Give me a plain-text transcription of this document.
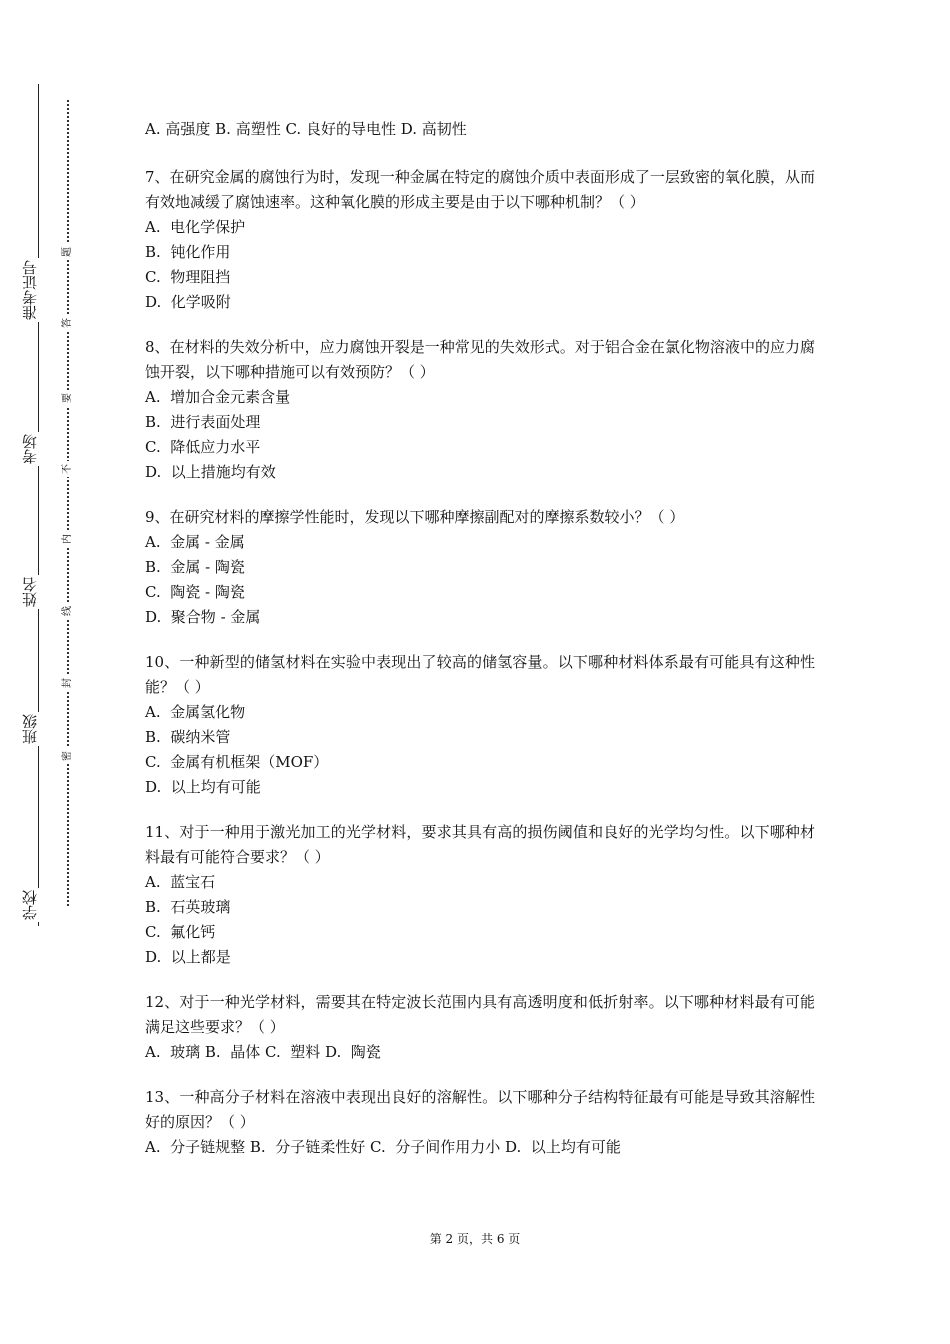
准考证号
考场
姓名
班级
学校
题
答
要
不
内
线
封
密
A. 高强度 B. 高塑性 C. 良好的导电性 D. 高韧性
7、在研究金属的腐蚀行为时，发现一种金属在特定的腐蚀介质中表面形成了一层致密的氧化膜，从而有效地减缓了腐蚀速率。这种氧化膜的形成主要是由于以下哪种机制？（ ）
A.  电化学保护
B.  钝化作用
C.  物理阻挡
D.  化学吸附
8、在材料的失效分析中，应力腐蚀开裂是一种常见的失效形式。对于铝合金在氯化物溶液中的应力腐蚀开裂，以下哪种措施可以有效预防？（ ）
A.  增加合金元素含量
B.  进行表面处理
C.  降低应力水平
D.  以上措施均有效
9、在研究材料的摩擦学性能时，发现以下哪种摩擦副配对的摩擦系数较小？（ ）
A.  金属 - 金属
B.  金属 - 陶瓷
C.  陶瓷 - 陶瓷
D.  聚合物 - 金属
10、一种新型的储氢材料在实验中表现出了较高的储氢容量。以下哪种材料体系最有可能具有这种性能？（ ）
A.  金属氢化物
B.  碳纳米管
C.  金属有机框架（MOF）
D.  以上均有可能
11、对于一种用于激光加工的光学材料，要求其具有高的损伤阈值和良好的光学均匀性。以下哪种材料最有可能符合要求？（ ）
A.  蓝宝石
B.  石英玻璃
C.  氟化钙
D.  以上都是
12、对于一种光学材料，需要其在特定波长范围内具有高透明度和低折射率。以下哪种材料最有可能满足这些要求？（ ）
A.  玻璃 B.  晶体 C.  塑料 D.  陶瓷
13、一种高分子材料在溶液中表现出良好的溶解性。以下哪种分子结构特征最有可能是导致其溶解性好的原因？（ ）
A.  分子链规整 B.  分子链柔性好 C.  分子间作用力小 D.  以上均有可能
第 2 页，共 6 页
